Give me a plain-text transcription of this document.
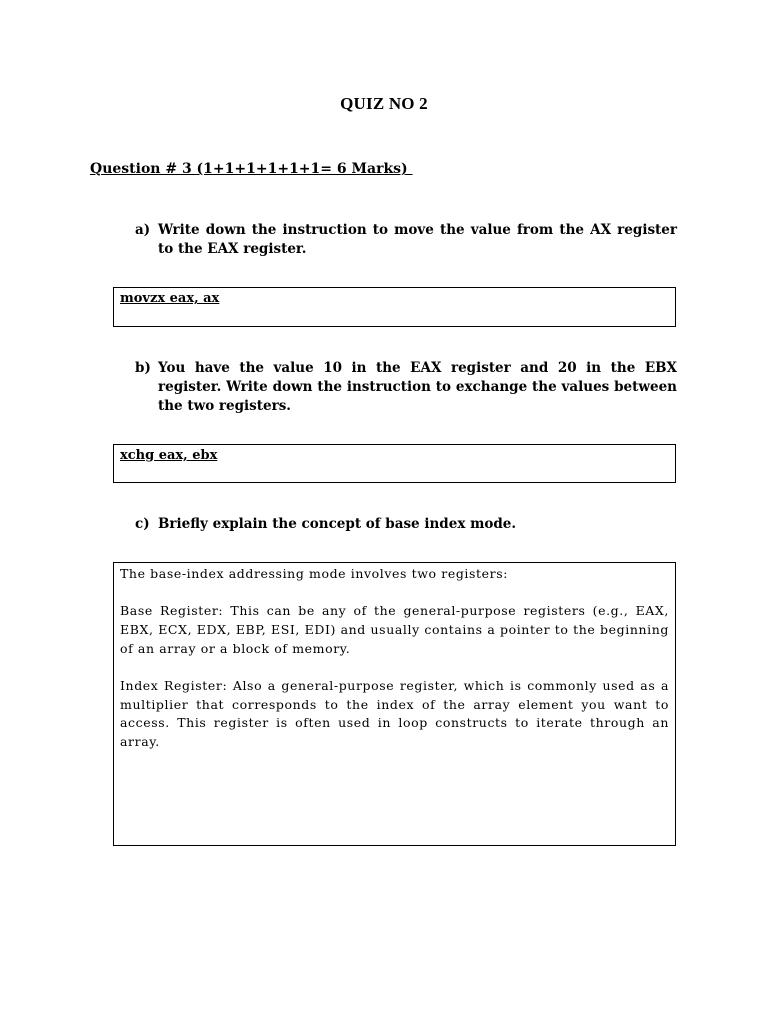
QUIZ NO 2
Question # 3 (1+1+1+1+1+1= 6 Marks)
a) Write down the instruction to move the value from the AX register to the EAX register.
movzx eax, ax
b) You have the value 10 in the EAX register and 20 in the EBX register. Write down the instruction to exchange the values between the two registers.
xchg eax, ebx
c) Briefly explain the concept of base index mode.

The base-index addressing mode involves two registers:

Base Register: This can be any of the general-purpose registers (e.g., EAX, EBX, ECX, EDX, EBP, ESI, EDI) and usually contains a pointer to the beginning of an array or a block of memory.

Index Register: Also a general-purpose register, which is commonly used as a multiplier that corresponds to the index of the array element you want to access. This register is often used in loop constructs to iterate through an array.
